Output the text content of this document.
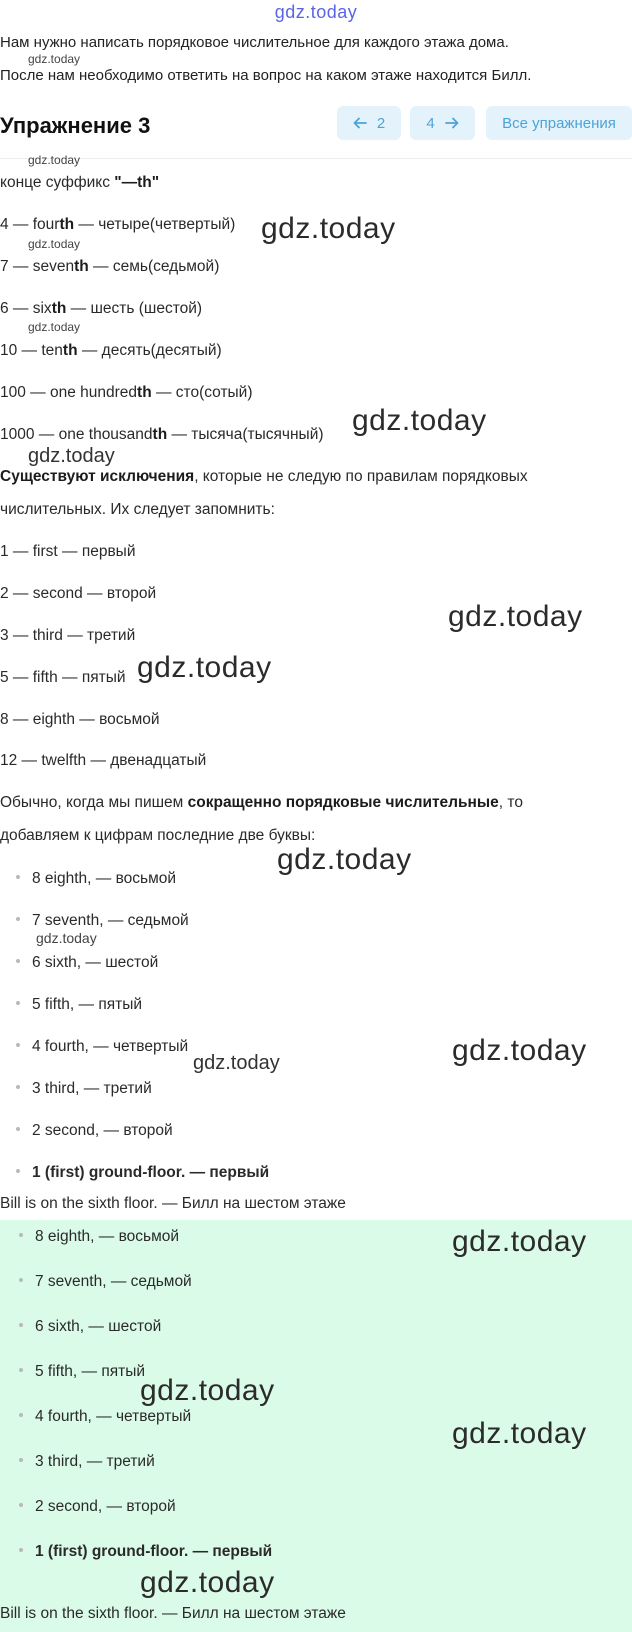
gdz.today
Нам нужно написать порядковое числительное для каждого этажа дома.
gdz.today
После нам необходимо ответить на вопрос на каком этаже находится Билл.
Упражнение 3	2	4	Все упражнения
gdz.today
конце суффикс "—th"
4 — fourth — четыре(четвертый) gdz.today
gdz.today
7 — seventh — семь(седьмой)
6 — sixth — шесть (шестой)
gdz.today
10 — tenth — десять(десятый)
100 — one hundredth — сто(сотый)
1000 — one thousandth — тысяча(тысячный) gdz.today
gdz.today
Существуют исключения, которые не следую по правилам порядковых
числительных. Их следует запомнить:
1 — first — первый
2 — second — второй
gdz.today
3 — third — третий
5 — fifth — пятый gdz.today
8 — eighth — восьмой
12 — twelfth — двенадцатый
Обычно, когда мы пишем сокращенно порядковые числительные, то
добавляем к цифрам последние две буквы:
gdz.today
8 eighth, — восьмой
7 seventh, — седьмой
gdz.today
6 sixth, — шестой
5 fifth, — пятый
4 fourth, — четвертый
gdz.today	gdz.today
3 third, — третий
2 second, — второй
1 (first) ground-floor. — первый
Bill is on the sixth floor. — Билл на шестом этаже
8 eighth, — восьмой	gdz.today
7 seventh, — седьмой
6 sixth, — шестой
5 fifth, — пятый
gdz.today
4 fourth, — четвертый
gdz.today
3 third, — третий
2 second, — второй
1 (first) ground-floor. — первый
gdz.today
Bill is on the sixth floor. — Билл на шестом этаже
